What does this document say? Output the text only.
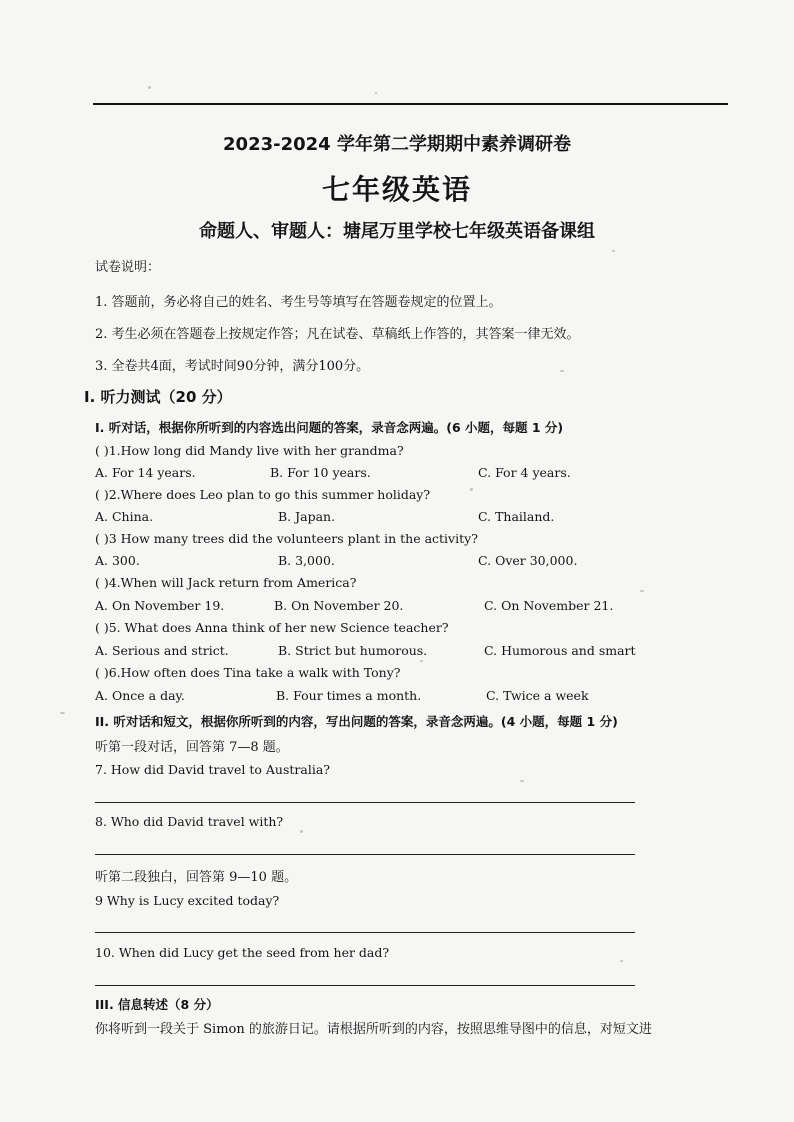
2023-2024 学年第二学期期中素养调研卷
七年级英语
命题人、审题人：塘尾万里学校七年级英语备课组
试卷说明：
1. 答题前，务必将自己的姓名、考生号等填写在答题卷规定的位置上。
2. 考生必须在答题卷上按规定作答；凡在试卷、草稿纸上作答的，其答案一律无效。
3. 全卷共4面，考试时间90分钟，满分100分。
I. 听力测试（20 分）
I. 听对话，根据你所听到的内容选出问题的答案，录音念两遍。(6 小题，每题 1 分)
( )1.How long did Mandy live with her grandma?
A. For 14 years.	B. For 10 years.	C. For 4 years.
( )2.Where does Leo plan to go this summer holiday?
A. China.	B. Japan.	C. Thailand.
( )3 How many trees did the volunteers plant in the activity?
A. 300.	B. 3,000.	C. Over 30,000.
( )4.When will Jack return from America?
A. On November 19.	B. On November 20.	C. On November 21.
( )5. What does Anna think of her new Science teacher?
A. Serious and strict.	B. Strict but humorous.	C. Humorous and smart
( )6.How often does Tina take a walk with Tony?
A. Once a day.	B. Four times a month.	C. Twice a week
II. 听对话和短文，根据你所听到的内容，写出问题的答案，录音念两遍。(4 小题，每题 1 分)
听第一段对话，回答第 7—8 题。
7. How did David travel to Australia?
8. Who did David travel with?
听第二段独白，回答第 9—10 题。
9 Why is Lucy excited today?
10. When did Lucy get the seed from her dad?
III. 信息转述（8 分）
你将听到一段关于 Simon 的旅游日记。请根据所听到的内容，按照思维导图中的信息，对短文进
